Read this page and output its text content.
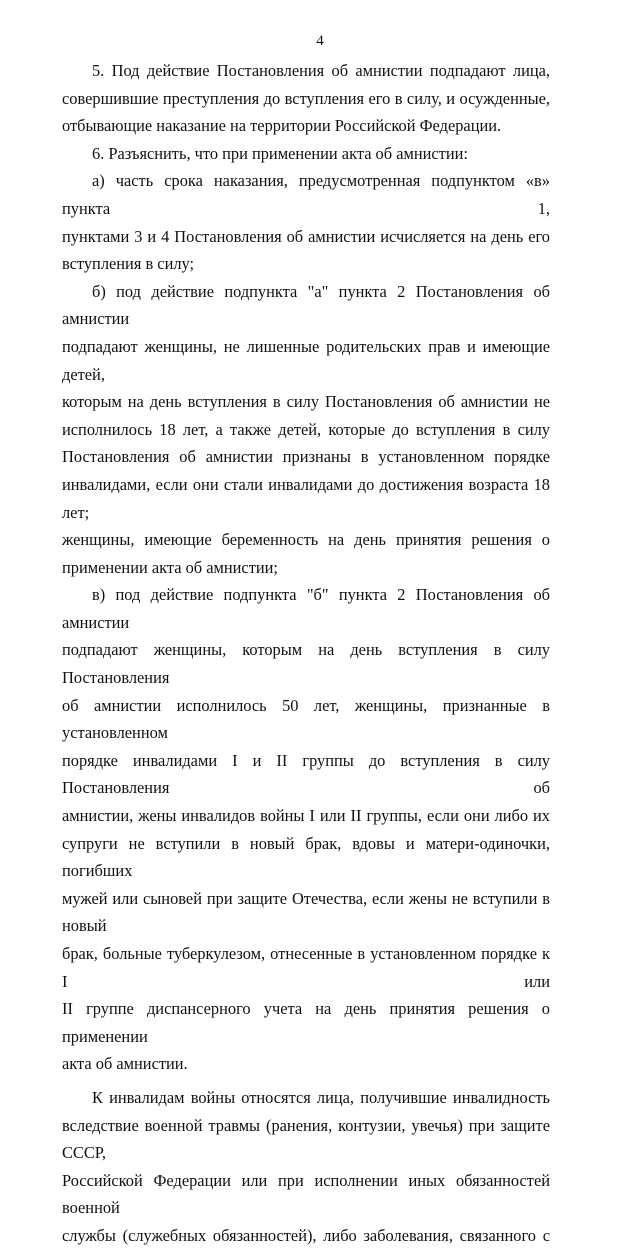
4
5. Под действие Постановления об амнистии подпадают лица,
совершившие преступления до вступления его в силу, и осужденные,
отбывающие наказание на территории Российской Федерации.
6. Разъяснить, что при применении акта об амнистии:
а) часть срока наказания, предусмотренная подпунктом «в» пункта 1,
пунктами 3 и 4 Постановления об амнистии исчисляется на день его
вступления в силу;
б) под действие подпункта "а" пункта 2 Постановления об амнистии
подпадают женщины, не лишенные родительских прав и имеющие детей,
которым на день вступления в силу Постановления об амнистии не
исполнилось 18 лет, а также детей, которые до вступления в силу
Постановления об амнистии признаны в установленном порядке
инвалидами, если они стали инвалидами до достижения возраста 18 лет;
женщины, имеющие беременность на день принятия решения о
применении акта об амнистии;
в) под действие подпункта "б" пункта 2 Постановления об амнистии
подпадают женщины, которым на день вступления в силу Постановления
об амнистии исполнилось 50 лет, женщины, признанные в установленном
порядке инвалидами I и II группы до вступления в силу Постановления об
амнистии, жены инвалидов войны I или II группы, если они либо их
супруги не вступили в новый брак, вдовы и матери-одиночки, погибших
мужей или сыновей при защите Отечества, если жены не вступили в новый
брак, больные туберкулезом, отнесенные в установленном порядке к I или
II группе диспансерного учета на день принятия решения о применении
акта об амнистии.
К инвалидам войны относятся лица, получившие инвалидность
вследствие военной травмы (ранения, контузии, увечья) при защите СССР,
Российской Федерации или при исполнении иных обязанностей военной
службы (служебных обязанностей), либо заболевания, связанного с
